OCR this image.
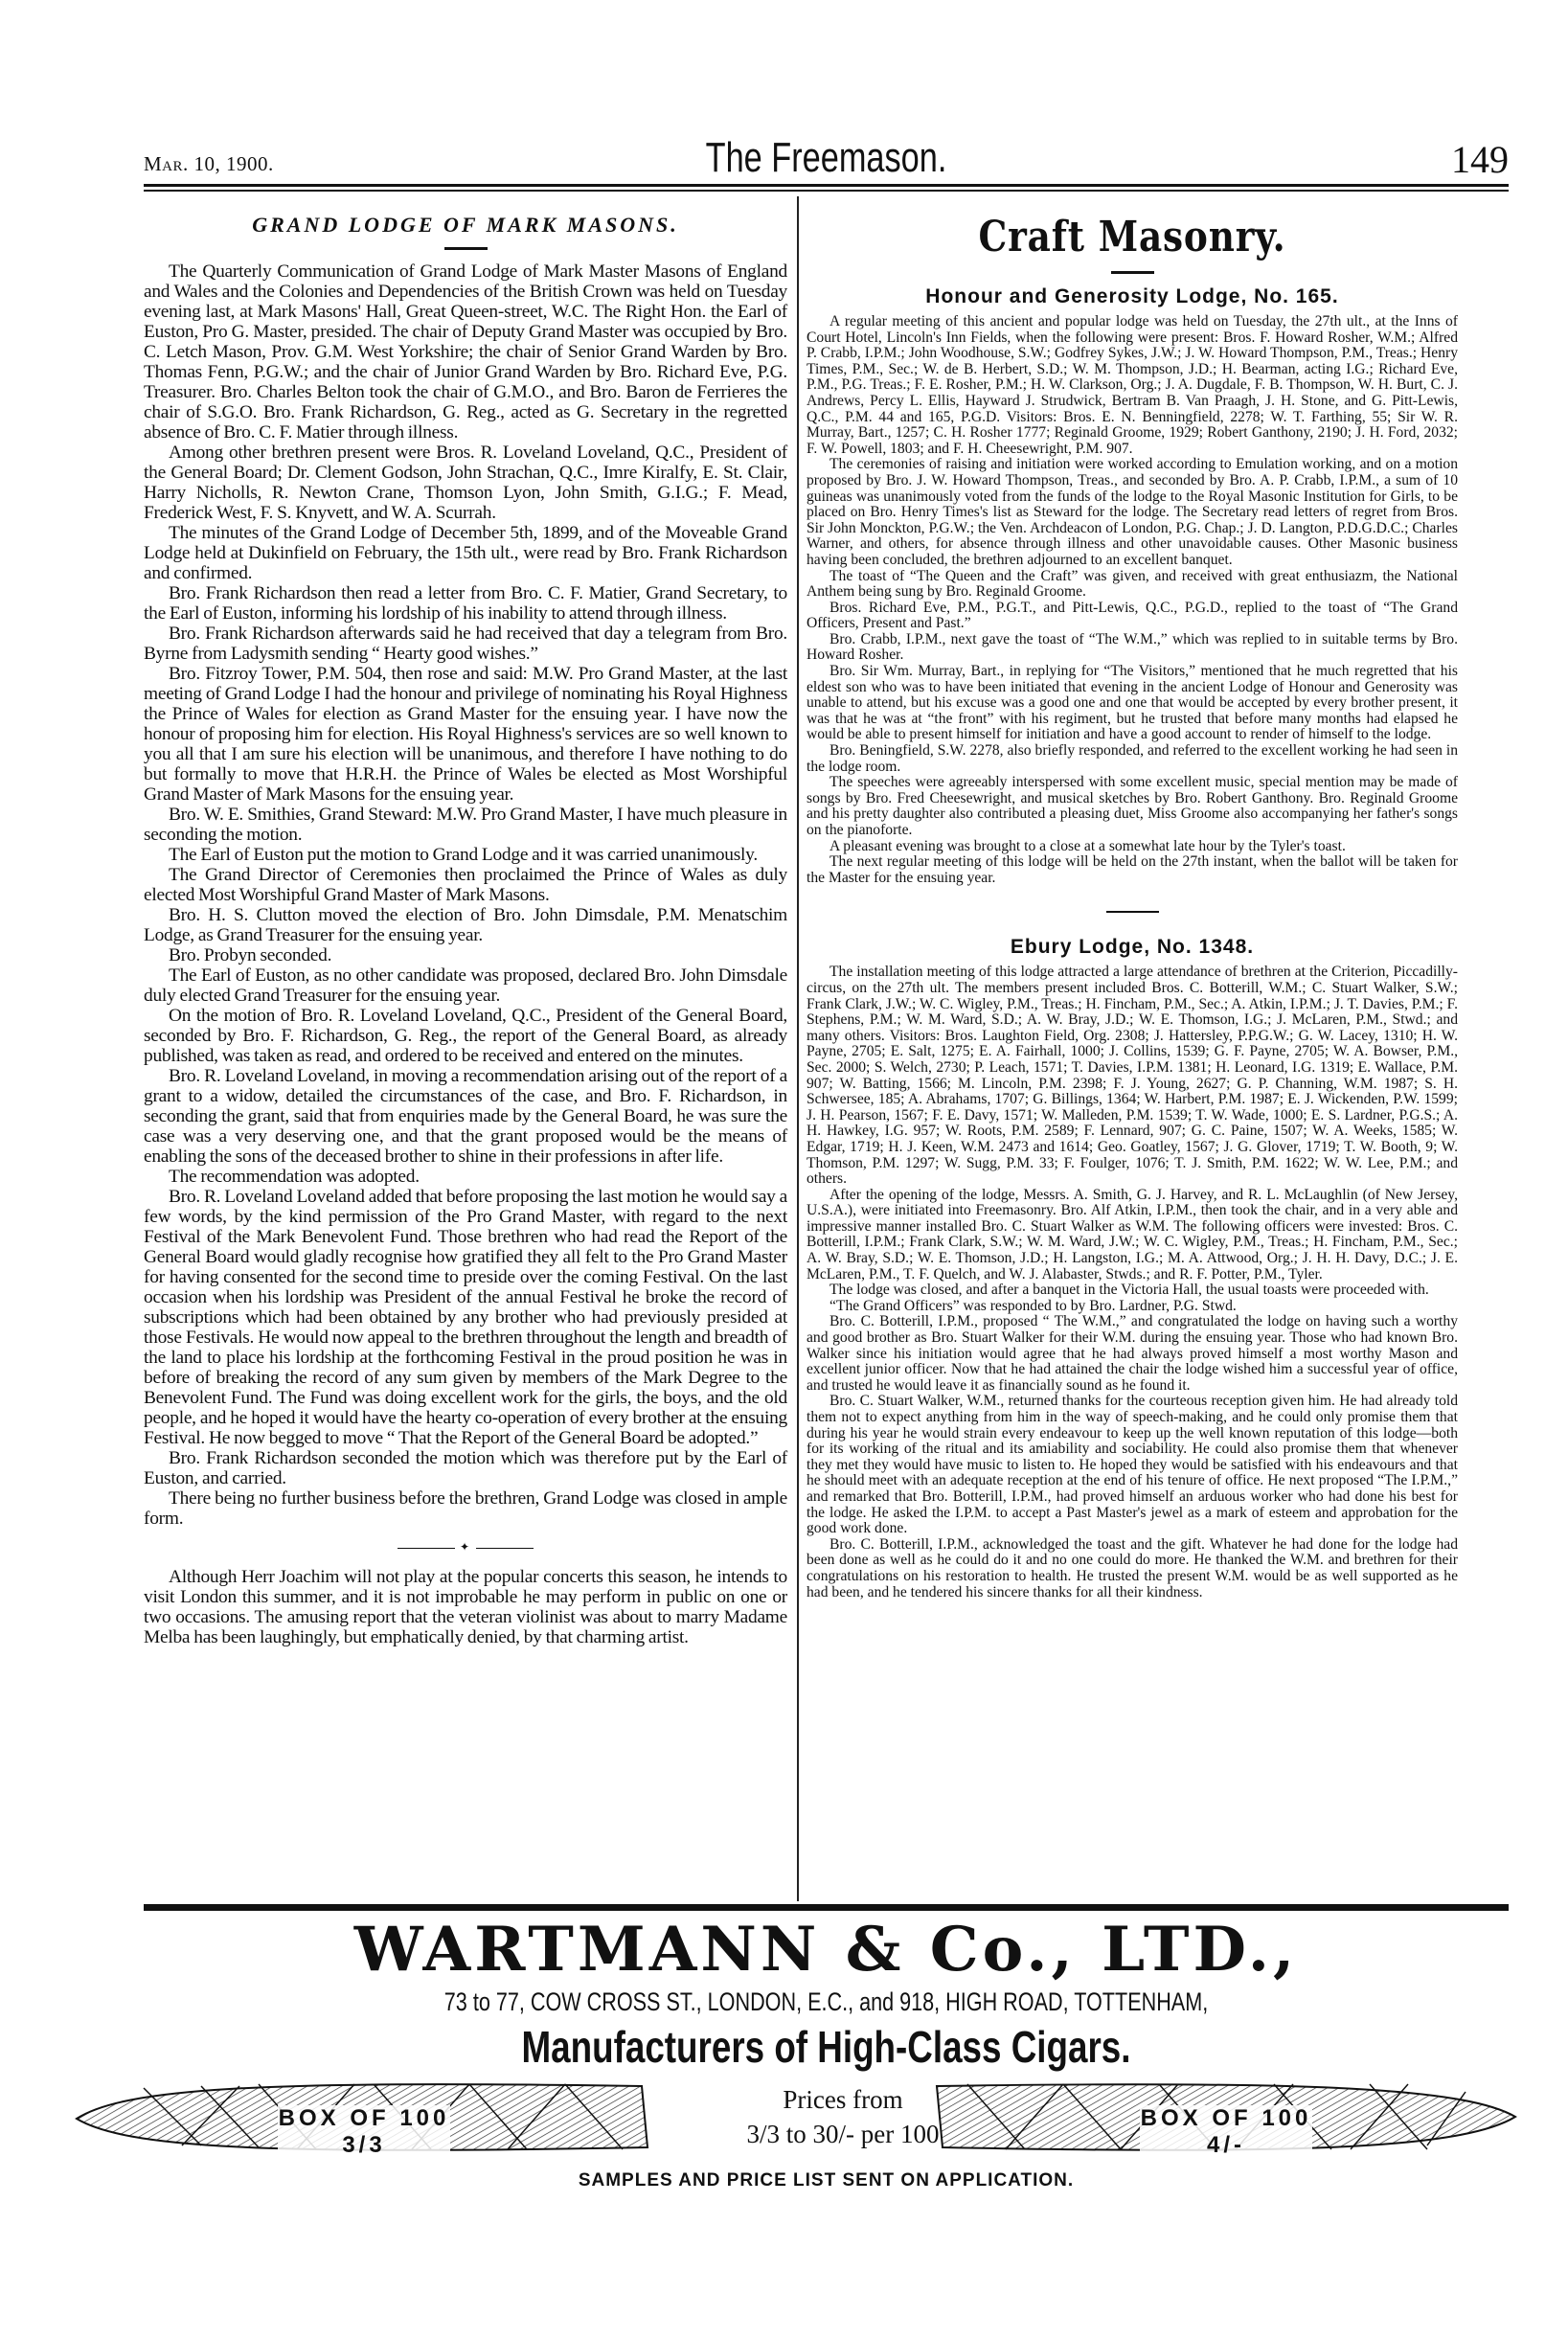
Mar. 10, 1900.	The Freemason.	149
GRAND LODGE OF MARK MASONS.

The Quarterly Communication of Grand Lodge of Mark Master Masons of England and Wales and the Colonies and Dependencies of the British Crown was held on Tuesday evening last, at Mark Masons' Hall, Great Queen-street, W.C. The Right Hon. the Earl of Euston, Pro G. Master, presided. The chair of Deputy Grand Master was occupied by Bro. C. Letch Mason, Prov. G.M. West Yorkshire; the chair of Senior Grand Warden by Bro. Thomas Fenn, P.G.W.; and the chair of Junior Grand Warden by Bro. Richard Eve, P.G. Treasurer. Bro. Charles Belton took the chair of G.M.O., and Bro. Baron de Ferrieres the chair of S.G.O. Bro. Frank Richardson, G. Reg., acted as G. Secretary in the regretted absence of Bro. C. F. Matier through illness.

Among other brethren present were Bros. R. Loveland Loveland, Q.C., President of the General Board; Dr. Clement Godson, John Strachan, Q.C., Imre Kiralfy, E. St. Clair, Harry Nicholls, R. Newton Crane, Thomson Lyon, John Smith, G.I.G.; F. Mead, Frederick West, F. S. Knyvett, and W. A. Scurrah.

The minutes of the Grand Lodge of December 5th, 1899, and of the Moveable Grand Lodge held at Dukinfield on February, the 15th ult., were read by Bro. Frank Richardson and confirmed.

Bro. Frank Richardson then read a letter from Bro. C. F. Matier, Grand Secretary, to the Earl of Euston, informing his lordship of his inability to attend through illness.

Bro. Frank Richardson afterwards said he had received that day a telegram from Bro. Byrne from Ladysmith sending “ Hearty good wishes.”

Bro. Fitzroy Tower, P.M. 504, then rose and said: M.W. Pro Grand Master, at the last meeting of Grand Lodge I had the honour and privilege of nominating his Royal Highness the Prince of Wales for election as Grand Master for the ensuing year. I have now the honour of proposing him for election. His Royal Highness's services are so well known to you all that I am sure his election will be unanimous, and therefore I have nothing to do but formally to move that H.R.H. the Prince of Wales be elected as Most Worshipful Grand Master of Mark Masons for the ensuing year.

Bro. W. E. Smithies, Grand Steward: M.W. Pro Grand Master, I have much pleasure in seconding the motion.

The Earl of Euston put the motion to Grand Lodge and it was carried unanimously.

The Grand Director of Ceremonies then proclaimed the Prince of Wales as duly elected Most Worshipful Grand Master of Mark Masons.

Bro. H. S. Clutton moved the election of Bro. John Dimsdale, P.M. Menatschim Lodge, as Grand Treasurer for the ensuing year.

Bro. Probyn seconded.

The Earl of Euston, as no other candidate was proposed, declared Bro. John Dimsdale duly elected Grand Treasurer for the ensuing year.

On the motion of Bro. R. Loveland Loveland, Q.C., President of the General Board, seconded by Bro. F. Richardson, G. Reg., the report of the General Board, as already published, was taken as read, and ordered to be received and entered on the minutes.

Bro. R. Loveland Loveland, in moving a recommendation arising out of the report of a grant to a widow, detailed the circumstances of the case, and Bro. F. Richardson, in seconding the grant, said that from enquiries made by the General Board, he was sure the case was a very deserving one, and that the grant proposed would be the means of enabling the sons of the deceased brother to shine in their professions in after life.

The recommendation was adopted.

Bro. R. Loveland Loveland added that before proposing the last motion he would say a few words, by the kind permission of the Pro Grand Master, with regard to the next Festival of the Mark Benevolent Fund. Those brethren who had read the Report of the General Board would gladly recognise how gratified they all felt to the Pro Grand Master for having consented for the second time to preside over the coming Festival. On the last occasion when his lordship was President of the annual Festival he broke the record of subscriptions which had been obtained by any brother who had previously presided at those Festivals. He would now appeal to the brethren throughout the length and breadth of the land to place his lordship at the forthcoming Festival in the proud position he was in before of breaking the record of any sum given by members of the Mark Degree to the Benevolent Fund. The Fund was doing excellent work for the girls, the boys, and the old people, and he hoped it would have the hearty co-operation of every brother at the ensuing Festival. He now begged to move “ That the Report of the General Board be adopted.”

Bro. Frank Richardson seconded the motion which was therefore put by the Earl of Euston, and carried.

There being no further business before the brethren, Grand Lodge was closed in ample form.

✦

Although Herr Joachim will not play at the popular concerts this season, he intends to visit London this summer, and it is not improbable he may perform in public on one or two occasions. The amusing report that the veteran violinist was about to marry Madame Melba has been laughingly, but emphatically denied, by that charming artist.

Craft Masonry.
Honour and Generosity Lodge, No. 165.

A regular meeting of this ancient and popular lodge was held on Tuesday, the 27th ult., at the Inns of Court Hotel, Lincoln's Inn Fields, when the following were present: Bros. F. Howard Rosher, W.M.; Alfred P. Crabb, I.P.M.; John Woodhouse, S.W.; Godfrey Sykes, J.W.; J. W. Howard Thompson, P.M., Treas.; Henry Times, P.M., Sec.; W. de B. Herbert, S.D.; W. M. Thompson, J.D.; H. Bearman, acting I.G.; Richard Eve, P.M., P.G. Treas.; F. E. Rosher, P.M.; H. W. Clarkson, Org.; J. A. Dugdale, F. B. Thompson, W. H. Burt, C. J. Andrews, Percy L. Ellis, Hayward J. Strudwick, Bertram B. Van Praagh, J. H. Stone, and G. Pitt-Lewis, Q.C., P.M. 44 and 165, P.G.D. Visitors: Bros. E. N. Benningfield, 2278; W. T. Farthing, 55; Sir W. R. Murray, Bart., 1257; C. H. Rosher 1777; Reginald Groome, 1929; Robert Ganthony, 2190; J. H. Ford, 2032; F. W. Powell, 1803; and F. H. Cheesewright, P.M. 907.

The ceremonies of raising and initiation were worked according to Emulation working, and on a motion proposed by Bro. J. W. Howard Thompson, Treas., and seconded by Bro. A. P. Crabb, I.P.M., a sum of 10 guineas was unanimously voted from the funds of the lodge to the Royal Masonic Institution for Girls, to be placed on Bro. Henry Times's list as Steward for the lodge. The Secretary read letters of regret from Bros. Sir John Monckton, P.G.W.; the Ven. Archdeacon of London, P.G. Chap.; J. D. Langton, P.D.G.D.C.; Charles Warner, and others, for absence through illness and other unavoidable causes. Other Masonic business having been concluded, the brethren adjourned to an excellent banquet.

The toast of “The Queen and the Craft” was given, and received with great enthusiazm, the National Anthem being sung by Bro. Reginald Groome.

Bros. Richard Eve, P.M., P.G.T., and Pitt-Lewis, Q.C., P.G.D., replied to the toast of “The Grand Officers, Present and Past.”

Bro. Crabb, I.P.M., next gave the toast of “The W.M.,” which was replied to in suitable terms by Bro. Howard Rosher.

Bro. Sir Wm. Murray, Bart., in replying for “The Visitors,” mentioned that he much regretted that his eldest son who was to have been initiated that evening in the ancient Lodge of Honour and Generosity was unable to attend, but his excuse was a good one and one that would be accepted by every brother present, it was that he was at “the front” with his regiment, but he trusted that before many months had elapsed he would be able to present himself for initiation and have a good account to render of himself to the lodge.

Bro. Beningfield, S.W. 2278, also briefly responded, and referred to the excellent working he had seen in the lodge room.

The speeches were agreeably interspersed with some excellent music, special mention may be made of songs by Bro. Fred Cheesewright, and musical sketches by Bro. Robert Ganthony. Bro. Reginald Groome and his pretty daughter also contributed a pleasing duet, Miss Groome also accompanying her father's songs on the pianoforte.

A pleasant evening was brought to a close at a somewhat late hour by the Tyler's toast.

The next regular meeting of this lodge will be held on the 27th instant, when the ballot will be taken for the Master for the ensuing year.

Ebury Lodge, No. 1348.

The installation meeting of this lodge attracted a large attendance of brethren at the Criterion, Piccadilly-circus, on the 27th ult. The members present included Bros. C. Botterill, W.M.; C. Stuart Walker, S.W.; Frank Clark, J.W.; W. C. Wigley, P.M., Treas.; H. Fincham, P.M., Sec.; A. Atkin, I.P.M.; J. T. Davies, P.M.; F. Stephens, P.M.; W. M. Ward, S.D.; A. W. Bray, J.D.; W. E. Thomson, I.G.; J. McLaren, P.M., Stwd.; and many others. Visitors: Bros. Laughton Field, Org. 2308; J. Hattersley, P.P.G.W.; G. W. Lacey, 1310; H. W. Payne, 2705; E. Salt, 1275; E. A. Fairhall, 1000; J. Collins, 1539; G. F. Payne, 2705; W. A. Bowser, P.M., Sec. 2000; S. Welch, 2730; P. Leach, 1571; T. Davies, I.P.M. 1381; H. Leonard, I.G. 1319; E. Wallace, P.M. 907; W. Batting, 1566; M. Lincoln, P.M. 2398; F. J. Young, 2627; G. P. Channing, W.M. 1987; S. H. Schwersee, 185; A. Abrahams, 1707; G. Billings, 1364; W. Harbert, P.M. 1987; E. J. Wickenden, P.W. 1599; J. H. Pearson, 1567; F. E. Davy, 1571; W. Malleden, P.M. 1539; T. W. Wade, 1000; E. S. Lardner, P.G.S.; A. H. Hawkey, I.G. 957; W. Roots, P.M. 2589; F. Lennard, 907; G. C. Paine, 1507; W. A. Weeks, 1585; W. Edgar, 1719; H. J. Keen, W.M. 2473 and 1614; Geo. Goatley, 1567; J. G. Glover, 1719; T. W. Booth, 9; W. Thomson, P.M. 1297; W. Sugg, P.M. 33; F. Foulger, 1076; T. J. Smith, P.M. 1622; W. W. Lee, P.M.; and others.

After the opening of the lodge, Messrs. A. Smith, G. J. Harvey, and R. L. McLaughlin (of New Jersey, U.S.A.), were initiated into Freemasonry. Bro. Alf Atkin, I.P.M., then took the chair, and in a very able and impressive manner installed Bro. C. Stuart Walker as W.M. The following officers were invested: Bros. C. Botterill, I.P.M.; Frank Clark, S.W.; W. M. Ward, J.W.; W. C. Wigley, P.M., Treas.; H. Fincham, P.M., Sec.; A. W. Bray, S.D.; W. E. Thomson, J.D.; H. Langston, I.G.; M. A. Attwood, Org.; J. H. H. Davy, D.C.; J. E. McLaren, P.M., T. F. Quelch, and W. J. Alabaster, Stwds.; and R. F. Potter, P.M., Tyler.

The lodge was closed, and after a banquet in the Victoria Hall, the usual toasts were proceeded with.

“The Grand Officers” was responded to by Bro. Lardner, P.G. Stwd.

Bro. C. Botterill, I.P.M., proposed “ The W.M.,” and congratulated the lodge on having such a worthy and good brother as Bro. Stuart Walker for their W.M. during the ensuing year. Those who had known Bro. Walker since his initiation would agree that he had always proved himself a most worthy Mason and excellent junior officer. Now that he had attained the chair the lodge wished him a successful year of office, and trusted he would leave it as financially sound as he found it.

Bro. C. Stuart Walker, W.M., returned thanks for the courteous reception given him. He had already told them not to expect anything from him in the way of speech-making, and he could only promise them that during his year he would strain every endeavour to keep up the well known reputation of this lodge—both for its working of the ritual and its amiability and sociability. He could also promise them that whenever they met they would have music to listen to. He hoped they would be satisfied with his endeavours and that he should meet with an adequate reception at the end of his tenure of office. He next proposed “The I.P.M.,” and remarked that Bro. Botterill, I.P.M., had proved himself an arduous worker who had done his best for the lodge. He asked the I.P.M. to accept a Past Master's jewel as a mark of esteem and approbation for the good work done.

Bro. C. Botterill, I.P.M., acknowledged the toast and the gift. Whatever he had done for the lodge had been done as well as he could do it and no one could do more. He thanked the W.M. and brethren for their congratulations on his restoration to health. He trusted the present W.M. would be as well supported as he had been, and he tendered his sincere thanks for all their kindness.

WARTMANN & Co., LTD.,
73 to 77, COW CROSS ST., LONDON, E.C., and 918, HIGH ROAD, TOTTENHAM,
Manufacturers of High-Class Cigars.
BOX OF 100 3/3
Prices from
3/3 to 30/- per 100
BOX OF 100 4/-
SAMPLES AND PRICE LIST SENT ON APPLICATION.
